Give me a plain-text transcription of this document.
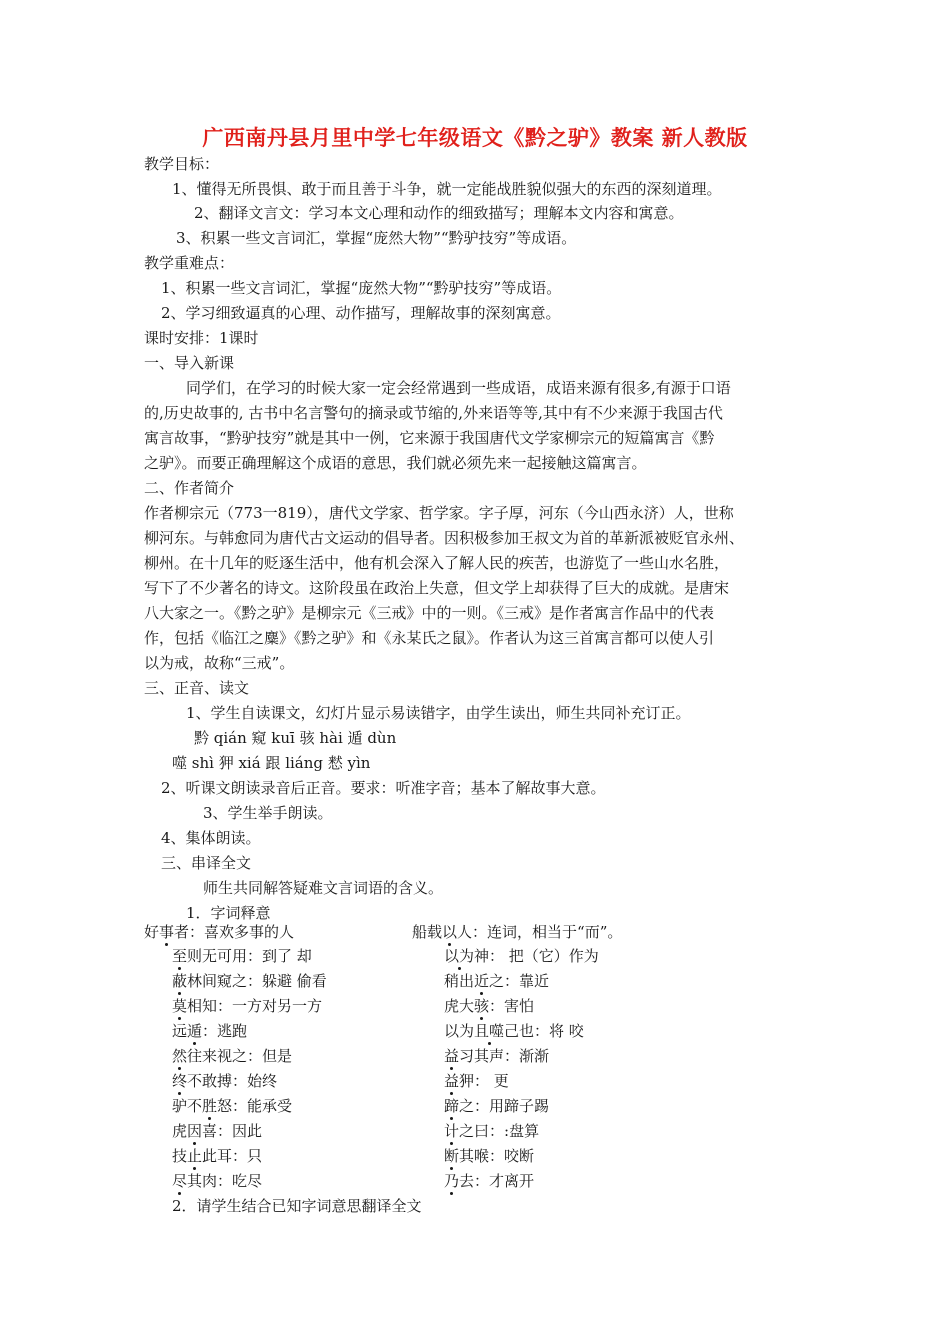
广西南丹县月里中学七年级语文《黔之驴》教案 新人教版
教学目标：
1、懂得无所畏惧、敢于而且善于斗争，就一定能战胜貌似强大的东西的深刻道理。
2、翻译文言文：学习本文心理和动作的细致描写；理解本文内容和寓意。
3、积累一些文言词汇，掌握“庞然大物”“黔驴技穷”等成语。
教学重难点：
1、积累一些文言词汇，掌握“庞然大物”“黔驴技穷”等成语。
2、学习细致逼真的心理、动作描写，理解故事的深刻寓意。
课时安排：1课时
一、导入新课
同学们，在学习的时候大家一定会经常遇到一些成语，成语来源有很多,有源于口语
的,历史故事的, 古书中名言警句的摘录或节缩的,外来语等等,其中有不少来源于我国古代
寓言故事，“黔驴技穷”就是其中一例，它来源于我国唐代文学家柳宗元的短篇寓言《黔
之驴》。而要正确理解这个成语的意思，我们就必须先来一起接触这篇寓言。
二、作者简介
作者柳宗元（773一819），唐代文学家、哲学家。字子厚，河东（今山西永济）人，世称
柳河东。与韩愈同为唐代古文运动的倡导者。因积极参加王叔文为首的革新派被贬官永州、
柳州。在十几年的贬逐生活中，他有机会深入了解人民的疾苦，也游览了一些山水名胜，
写下了不少著名的诗文。这阶段虽在政治上失意，但文学上却获得了巨大的成就。是唐宋
八大家之一。《黔之驴》是柳宗元《三戒》中的一则。《三戒》是作者寓言作品中的代表
作，包括《临江之麋》《黔之驴》和《永某氏之鼠》。作者认为这三首寓言都可以使人引
以为戒，故称“三戒”。
三、正音、读文
1、学生自读课文，幻灯片显示易读错字，由学生读出，师生共同补充订正。
黔 qián 窥 kuī 骇 hài 遁 dùn
噬 shì 狎 xiá 跟 liáng 慭 yìn
2、听课文朗读录音后正音。要求：听准字音；基本了解故事大意。
3、学生举手朗读。
4、集体朗读。
三、串译全文
师生共同解答疑难文言词语的含义。
1．字词释意
好事者：喜欢多事的人
至则无可用：到了 却
蔽林间窥之：躲避 偷看
莫相知：一方对另一方
远遁：逃跑
然往来视之：但是
终不敢搏：始终
驴不胜怒：能承受
虎因喜：因此
技止此耳：只
尽其肉：吃尽
船载以人：连词，相当于“而”。
以为神： 把（它）作为
稍出近之：靠近
虎大骇：害怕
以为且噬己也：将 咬
益习其声：渐渐
益狎： 更
蹄之：用蹄子踢
计之曰：:盘算
断其喉：咬断
乃去：才离开
2．请学生结合已知字词意思翻译全文
